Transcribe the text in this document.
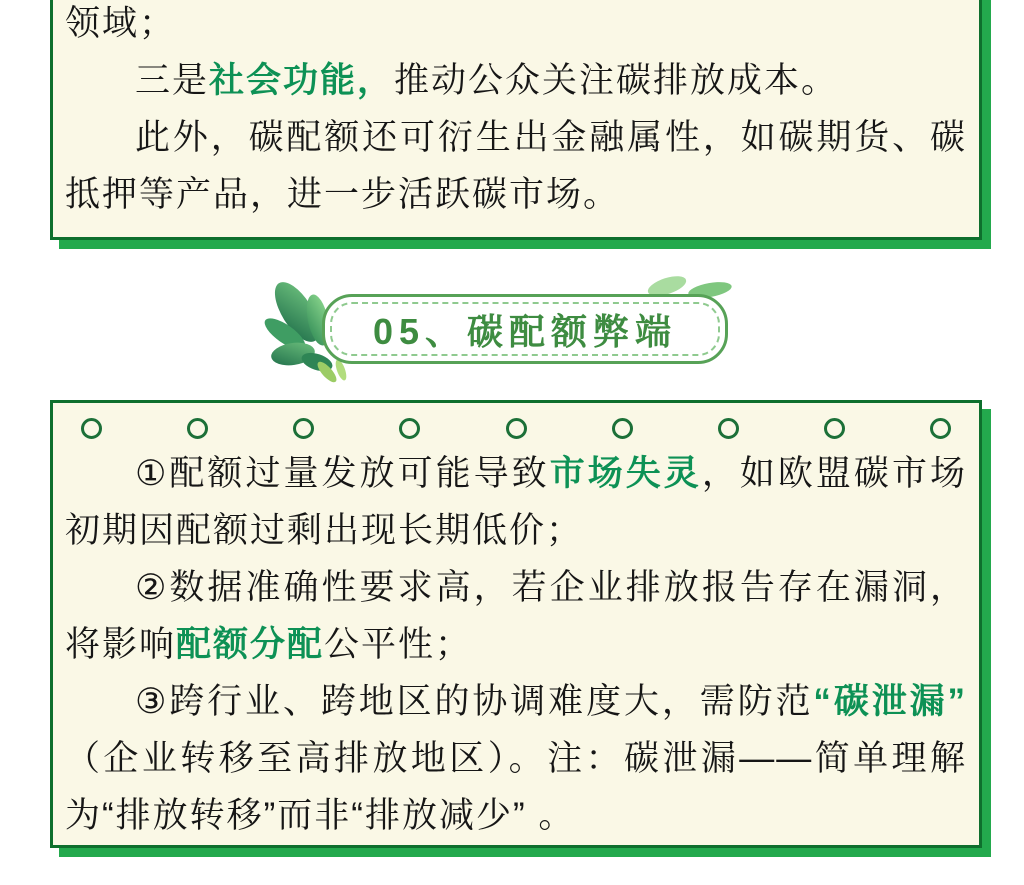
领域；

三是社会功能，推动公众关注碳排放成本。

此外，碳配额还可衍生出金融属性，如碳期货、碳抵押等产品，进一步活跃碳市场。

05、碳配额弊端

①配额过量发放可能导致市场失灵，如欧盟碳市场初期因配额过剩出现长期低价；

②数据准确性要求高，若企业排放报告存在漏洞，将影响配额分配公平性；

③跨行业、跨地区的协调难度大，需防范“碳泄漏” （企业转移至高排放地区）。注：碳泄漏——简单理解为“排放转移”而非“排放减少” 。
